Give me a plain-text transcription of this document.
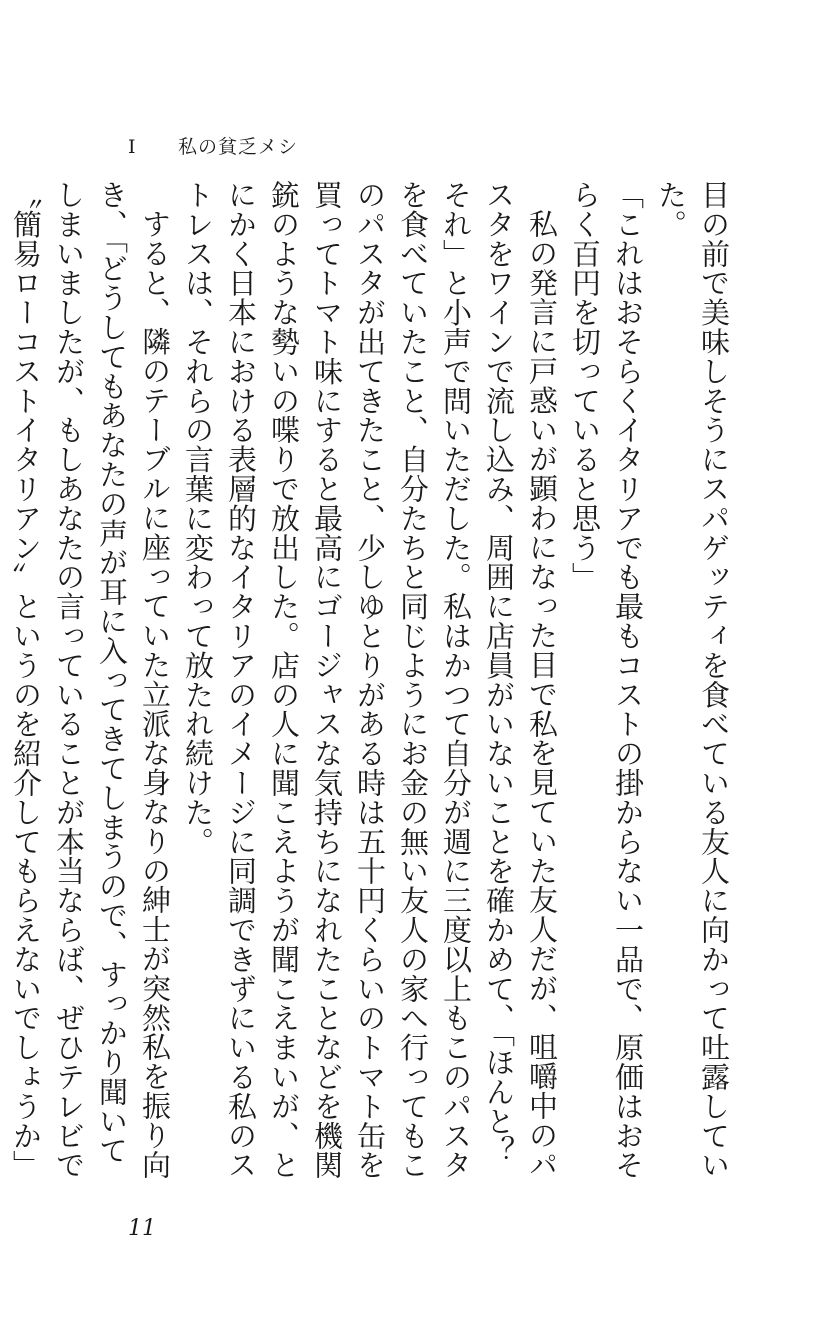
I 私の貧乏メシ

目の前で美味しそうにスパゲッティを食べている友人に向かって吐露していた。

「これはおそらくイタリアでも最もコストの掛からない一品で、原価はおそらく百円を切っていると思う」

私の発言に戸惑いが顕わになった目で私を見ていた友人だが、咀嚼中のパスタをワインで流し込み、周囲に店員がいないことを確かめて、「ほんと？　それ」と小声で問いただした。私はかつて自分が週に三度以上もこのパスタを食べていたこと、自分たちと同じようにお金の無い友人の家へ行ってもこのパスタが出てきたこと、少しゆとりがある時は五十円くらいのトマト缶を買ってトマト味にすると最高にゴージャスな気持ちになれたことなどを機関銃のような勢いの喋りで放出した。店の人に聞こえようが聞こえまいが、とにかく日本における表層的なイタリアのイメージに同調できずにいる私のストレスは、それらの言葉に変わって放たれ続けた。

すると、隣のテーブルに座っていた立派な身なりの紳士が突然私を振り向き、「どうしてもあなたの声が耳に入ってきてしまうので、すっかり聞いてしまいましたが、もしあなたの言っていることが本当ならば、ぜひテレビで〝簡易ローコストイタリアン〟というのを紹介してもらえないでしょうか」

11
